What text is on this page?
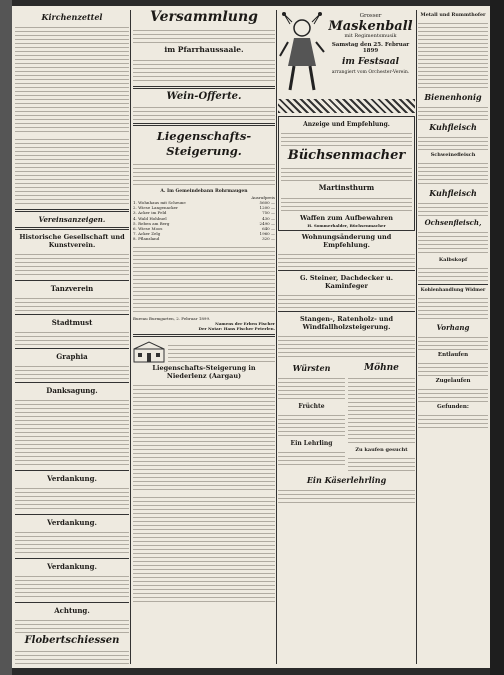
Kirchenzettel
Vereinsanzeigen.
Historische Gesellschaft und Kunstverein.
Tanzverein
Stadtmust
Graphia
Danksagung.
Verdankung.
Verdankung.
Verdankung.
Achtung.
Flobertschiessen
Versammlung
im Pfarrhaussaale.
Wein-Offerte.
Liegenschafts-Steigerung.
A. Im Gemeindebann Rohrmaugen
Ausrufpreis
1. Wohnhaus mit Scheune	5600 —
2. Wiese Langenacker	1200 —
3. Acker im Feld	750 —
4. Wald Hohbuel	430 —
5. Reben am Berg	2490 —
6. Wiese Moos	640 —
7. Acker Zelg	1960 —
8. Pflanzland	320 —
Bureau Burmgarten, 2. Februar 1899.
Namens der Erben Fischer
Der Notar: Hans Fischer Peterlen.
Liegenschafts-Steigerung in Niederlenz (Aargau)
Grosser
Maskenball
mit Regimentsmusik
Samstag den 25. Februar 1899
im Festsaal
arrangiert vom Orchester-Verein.
Anzeige und Empfehlung.
Büchsenmacher
Martinsthurm
Waffen zum Aufbewahren
H. Sommerhalder, Büchsenmacher
Wohnungsänderung und Empfehlung.
G. Steiner, Dachdecker u. Kaminfeger
Stangen-, Ratenholz- und Windfallholzsteigerung.
Würsten
Früchte
Ein Lehrling
Möhne
Zu kaufen gesucht
Ein Käserlehrling
Metall und Rummthofer
Bienenhonig
Kuhfleisch
Schweinefleisch
Kuhfleisch
Ochsenfleisch,
Kalbskopf
Kohlenhandlung Widmer
Vorhang
Entlaufen
Zugelaufen
Gefunden:
